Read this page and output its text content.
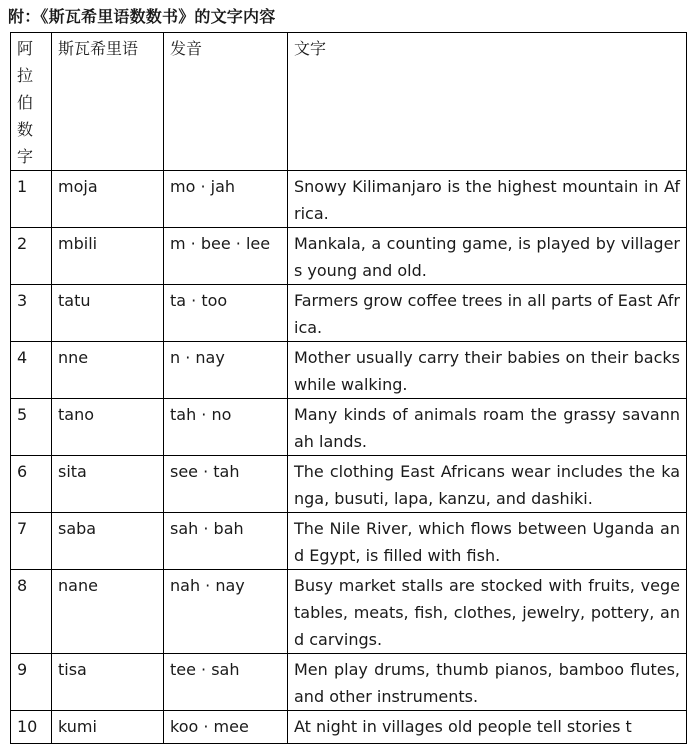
附：《斯瓦希里语数数书》的文字内容
阿拉伯数字	斯瓦希里语	发音	文字
1	moja	mo · jah	Snowy Kilimanjaro is the highest mountain in Africa.
2	mbili	m · bee · lee	Mankala, a counting game, is played by villagers young and old.
3	tatu	ta · too	Farmers grow coffee trees in all parts of East Africa.
4	nne	n · nay	Mother usually carry their babies on their backs while walking.
5	tano	tah · no	Many kinds of animals roam the grassy savannah lands.
6	sita	see · tah	The clothing East Africans wear includes the kanga, busuti, lapa, kanzu, and dashiki.
7	saba	sah · bah	The Nile River, which flows between Uganda and Egypt, is filled with fish.
8	nane	nah · nay	Busy market stalls are stocked with fruits, vegetables, meats, fish, clothes, jewelry, pottery, and carvings.
9	tisa	tee · sah	Men play drums, thumb pianos, bamboo flutes, and other instruments.
10	kumi	koo · mee	At night in villages old people tell stories t
